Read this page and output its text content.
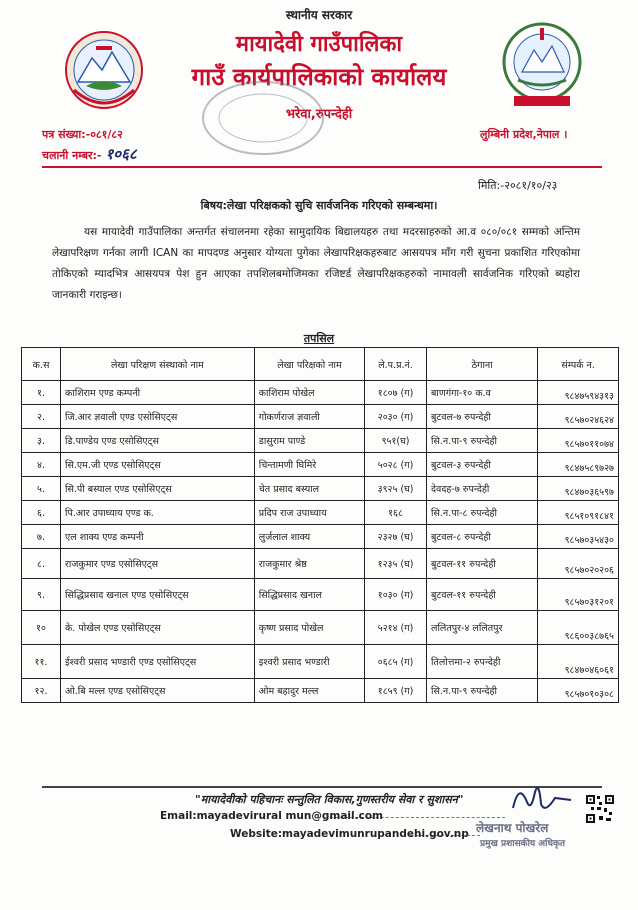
स्थानीय सरकार
मायादेवी गाउँपालिका
गाउँ कार्यपालिकाको कार्यालय
भरेवा,रुपन्देही
पत्र संख्या:-०८१/८२
चलानी नम्बर:- १०६८
लुम्बिनी प्रदेश,नेपाल ।
मिति:-२०८१/१०/२३
बिषय:लेखा परिक्षकको सुचि सार्वजनिक गरिएको सम्बन्धमा।
यस मायादेवी गाउँपालिका अन्तर्गत संचालनमा रहेका सामुदायिक बिद्यालयहरु तथा मदरसाहरुको आ.व ०८०/०८१ सम्मको अन्तिम लेखापरिक्षण गर्नका लागी ICAN का मापदण्ड अनुसार योग्यता पुगेका लेखापरिक्षकहरुबाट आसयपत्र माँग गरी सुचना प्रकाशित गरिएकोमा तोकिएको म्यादभित्र आसयपत्र पेश हुन आएका तपशिलबमोजिमका रजिष्टर्ड लेखापरिक्षकहरुको नामावली सार्वजनिक गरिएको ब्यहोरा जानकारी गराइन्छ।
तपसिल
क.स	लेखा परिक्षण संस्थाको नाम	लेखा परिक्षको नाम	ले.प.प्र.नं.	ठेगाना	संम्पर्क न.
१.	काशिराम एण्ड कम्पनी	काशिराम पोखेल	१८०७ (ग)	बाणगंगा-१० क.व	९८४७५९४३१३
२.	जि.आर ज्ञवाली एण्ड एसोसिएट्स	गोकर्णराज ज्ञवाली	२०३० (ग)	बुटवल-७ रुपन्देही	९८५७०२४६२४
३.	डि.पाण्डेय एण्ड एसोसिएट्स	डासुराम पाण्डे	९५१(घ)	सि.न.पा-९ रुपन्देही	९८५७०११०७४
४.	सि.एम.जी एण्ड एसोसिएट्स	चिन्तामणी घिमिरे	५०२८ (ग)	बुटवल-३ रुपन्देही	९८४७५८९७२७
५.	सि.पी बस्याल एण्ड एसोसिएट्स	चेत प्रसाद बस्याल	३९२५ (घ)	देवदह-७ रुपन्देही	९८४७०३६५९७
६.	पि.आर उपाध्याय एण्ड क.	प्रदिप राज उपाध्याय	१६८	सि.न.पा-८ रुपन्देही	९८५१०९१८४१
७.	एल शाक्य एण्ड कम्पनी	लुर्जलाल शाक्य	२३२७ (घ)	बुटवल-८ रुपन्देही	९८५७०३५४३०
८.	राजकुमार एण्ड एसोसिएट्स	राजकुमार श्रेष्ठ	१२३५ (घ)	बुटवल-११ रुपन्देही	९८५७०२०२०६
९.	सिद्धिप्रसाद खनाल एण्ड एसोसिएट्स	सिद्धिप्रसाद खनाल	१०३० (ग)	बुटवल-११ रुपन्देही	९८५७०३१२०१
१०	के. पोखेल एण्ड एसोसिएट्स	कृष्ण प्रसाद पोखेल	५२१४ (ग)	ललितपुर-४ ललितपुर	९८६००३८७६५
११.	ईश्वरी प्रसाद भण्डारी एण्ड एसोसिएट्स	इश्वरी प्रसाद भण्डारी	०६८५ (ग)	तिलोत्तमा-२ रुपन्देही	९८४७०४६०६१
१२.	ओ.बि मल्ल एण्ड एसोसिएट्स	ओम बहादुर मल्ल	१८५९ (ग)	सि.न.पा-९ रुपन्देही	९८५७०१०३०८
"मायादेवीको पहिचानः सन्तुलित विकास,गुणस्तरीय सेवा र सुशासन"
Email:mayadevirural mun@gmail.com
Website:mayadevimunrupandehi.gov.np लेखनाथ पोखरेल
प्रमुख प्रशासकीय अधिकृत
